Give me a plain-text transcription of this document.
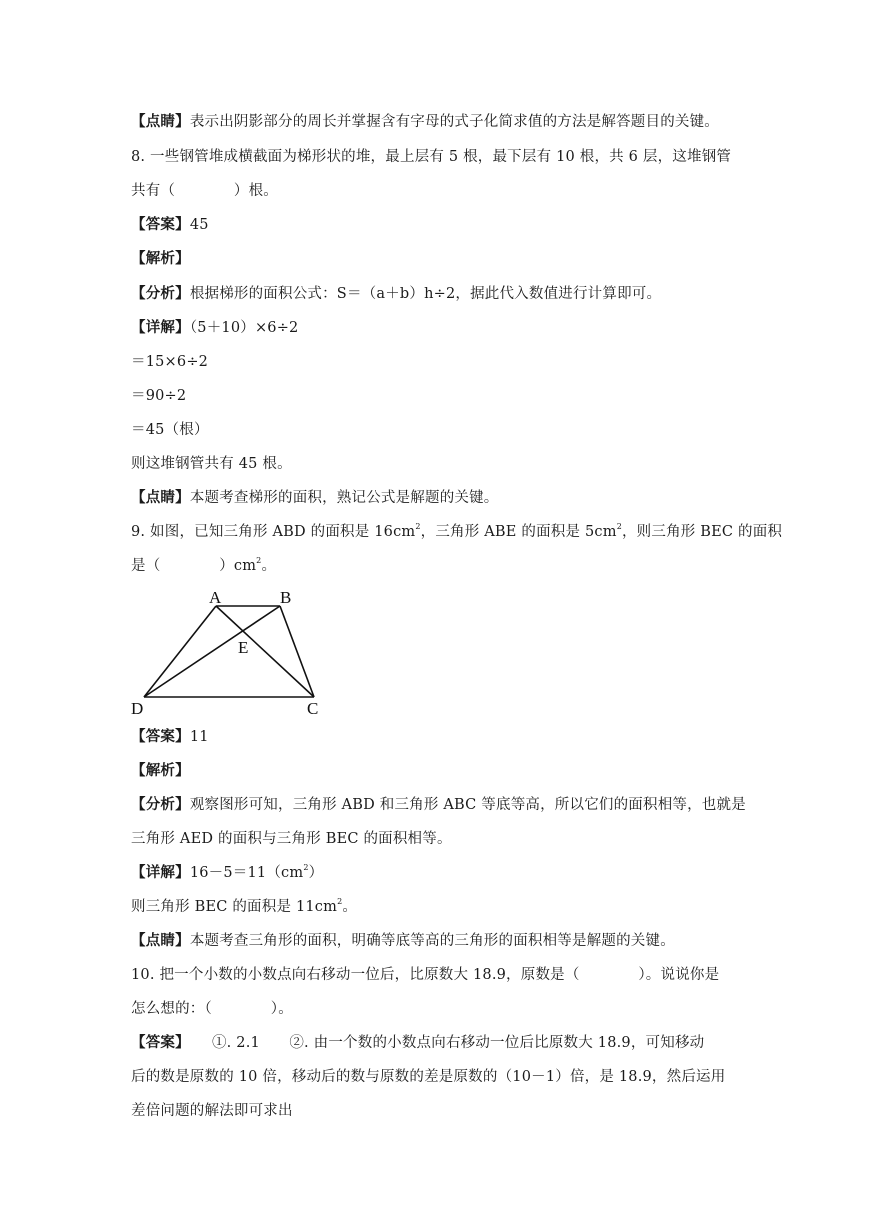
【点睛】表示出阴影部分的周长并掌握含有字母的式子化简求值的方法是解答题目的关键。
8. 一些钢管堆成横截面为梯形状的堆，最上层有 5 根，最下层有 10 根，共 6 层，这堆钢管
共有（　　　　）根。
【答案】45
【解析】
【分析】根据梯形的面积公式：S＝（a＋b）h÷2，据此代入数值进行计算即可。
【详解】（5＋10）×6÷2
＝15×6÷2
＝90÷2
＝45（根）
则这堆钢管共有 45 根。
【点睛】本题考查梯形的面积，熟记公式是解题的关键。
9. 如图，已知三角形 ABD 的面积是 $16cm^2$，三角形 ABE 的面积是 $5cm^2$，则三角形 BEC 的面积
是（　　　　）$cm^2$。
A	B
E
D	C
【答案】11
【解析】
【分析】观察图形可知，三角形 ABD 和三角形 ABC 等底等高，所以它们的面积相等，也就是
三角形 AED 的面积与三角形 BEC 的面积相等。
【详解】$16-5=11(cm^2)$
则三角形 BEC 的面积是 $11cm^2$。
【点睛】本题考查三角形的面积，明确等底等高的三角形的面积相等是解题的关键。
10. 把一个小数的小数点向右移动一位后，比原数大 18.9，原数是（　　　　）。说说你是
怎么想的：（　　　　）。
【答案】　　①. 2.1　　②. 由一个数的小数点向右移动一位后比原数大 18.9，可知移动
后的数是原数的 10 倍，移动后的数与原数的差是原数的（10－1）倍，是 18.9，然后运用
差倍问题的解法即可求出
